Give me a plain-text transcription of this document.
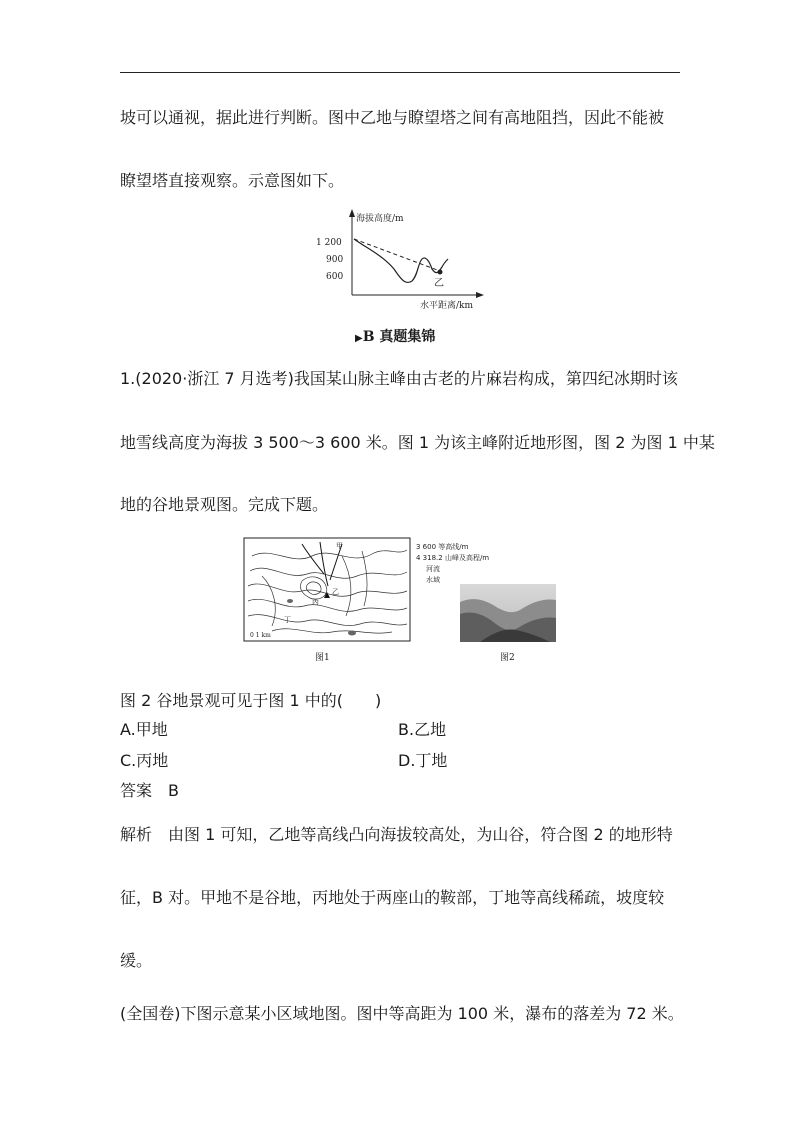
坡可以通视，据此进行判断。图中乙地与瞭望塔之间有高地阻挡，因此不能被
瞭望塔直接观察。示意图如下。
海拔高度/m
水平距离/km
1 200
900
600
乙
▶B 真题集锦
1.(2020·浙江 7 月选考)我国某山脉主峰由古老的片麻岩构成，第四纪冰期时该
地雪线高度为海拔 3 500～3 600 米。图 1 为该主峰附近地形图，图 2 为图 1 中某
地的谷地景观图。完成下题。
甲
乙
丙
丁
0 1 km
3 600 等高线/m
4 318.2 山峰及高程/m
河流
水域
图1	图2
图 2 谷地景观可见于图 1 中的(　　)
A.甲地	B.乙地
C.丙地	D.丁地
答案　B
解析　由图 1 可知，乙地等高线凸向海拔较高处，为山谷，符合图 2 的地形特
征，B 对。甲地不是谷地，丙地处于两座山的鞍部，丁地等高线稀疏，坡度较
缓。
(全国卷)下图示意某小区域地图。图中等高距为 100 米，瀑布的落差为 72 米。
